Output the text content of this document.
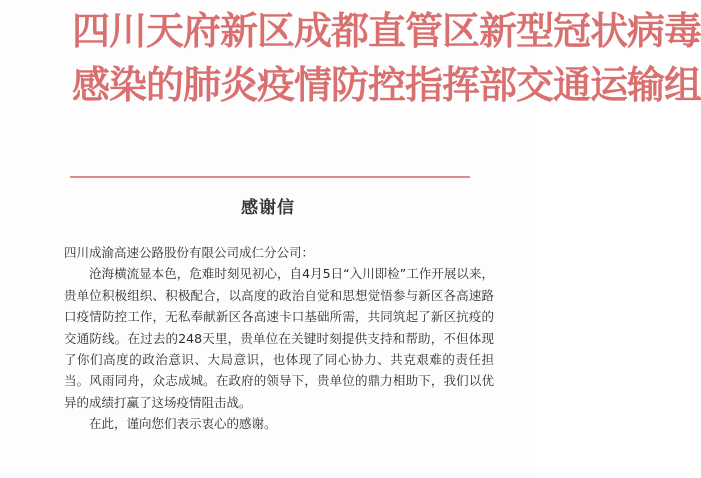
四川天府新区成都直管区新型冠状病毒
感染的肺炎疫情防控指挥部交通运输组
感谢信

四川成渝高速公路股份有限公司成仁分公司：

沧海横流显本色，危难时刻见初心，自4月5日“入川即检”工作开展以来，贵单位积极组织、积极配合，以高度的政治自觉和思想觉悟参与新区各高速路口疫情防控工作，无私奉献新区各高速卡口基础所需，共同筑起了新区抗疫的交通防线。在过去的248天里，贵单位在关键时刻提供支持和帮助，不但体现了你们高度的政治意识、大局意识，也体现了同心协力、共克艰难的责任担当。风雨同舟，众志成城。在政府的领导下，贵单位的鼎力相助下，我们以优异的成绩打赢了这场疫情阻击战。

在此，谨向您们表示衷心的感谢。
